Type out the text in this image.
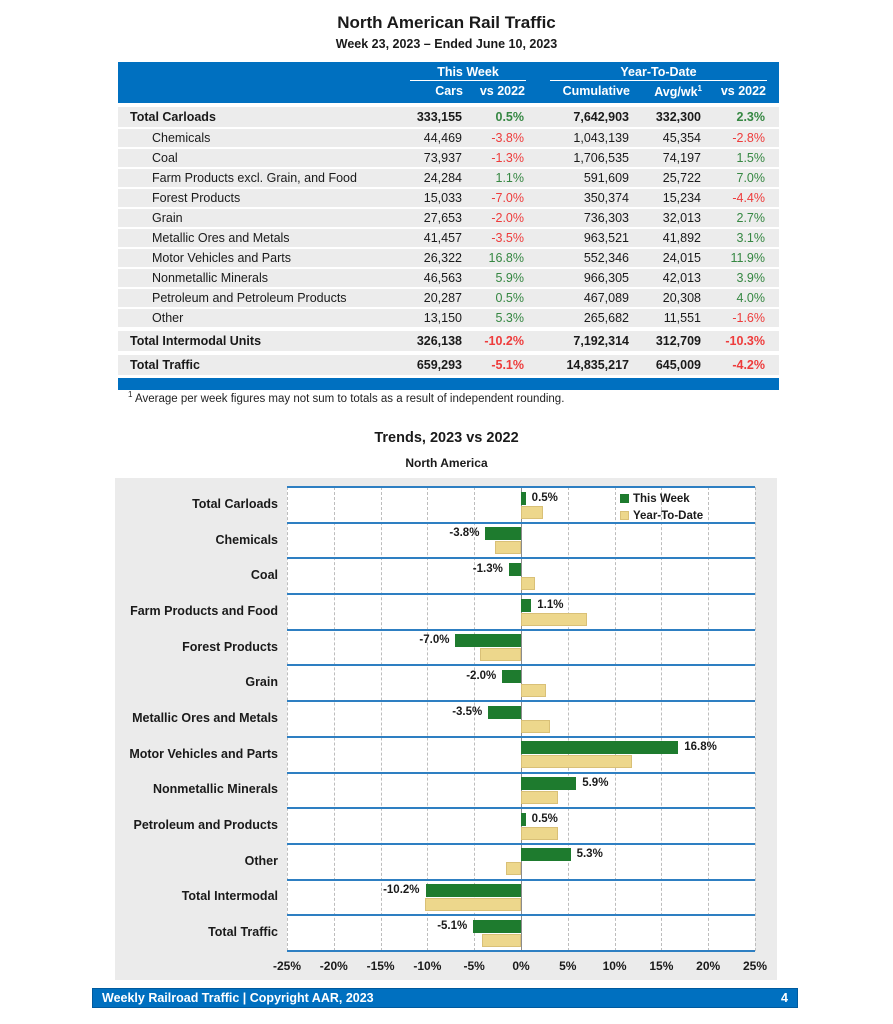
North American Rail Traffic
Week 23, 2023 – Ended June 10, 2023
This Week	Year-To-Date
Cars	vs 2022	Cumulative	Avg/$wk^1$	vs 2022
Total Carloads	333,155	0.5%	7,642,903	332,300	2.3%
Chemicals	44,469	-3.8%	1,043,139	45,354	-2.8%
Coal	73,937	-1.3%	1,706,535	74,197	1.5%
Farm Products excl. Grain, and Food	24,284	1.1%	591,609	25,722	7.0%
Forest Products	15,033	-7.0%	350,374	15,234	-4.4%
Grain	27,653	-2.0%	736,303	32,013	2.7%
Metallic Ores and Metals	41,457	-3.5%	963,521	41,892	3.1%
Motor Vehicles and Parts	26,322	16.8%	552,346	24,015	11.9%
Nonmetallic Minerals	46,563	5.9%	966,305	42,013	3.9%
Petroleum and Petroleum Products	20,287	0.5%	467,089	20,308	4.0%
Other	13,150	5.3%	265,682	11,551	-1.6%
Total Intermodal Units	326,138	-10.2%	7,192,314	312,709	-10.3%
Total Traffic	659,293	-5.1%	14,835,217	645,009	-4.2%

$^1$ Average per week figures may not sum to totals as a result of independent rounding.

Trends, 2023 vs 2022
North America
-25%	-20%	-15%	-10%	-5%	0%	5%	10%	15%	20%	25%
Total Carloads	0.5%
Chemicals	-3.8%
Coal	-1.3%
Farm Products and Food	1.1%
Forest Products	-7.0%
Grain	-2.0%
Metallic Ores and Metals	-3.5%
Motor Vehicles and Parts	16.8%
Nonmetallic Minerals	5.9%
Petroleum and Products	0.5%
Other	5.3%
Total Intermodal	-10.2%
Total Traffic	-5.1%
This Week
Year-To-Date
Weekly Railroad Traffic | Copyright AAR, 2023	4
